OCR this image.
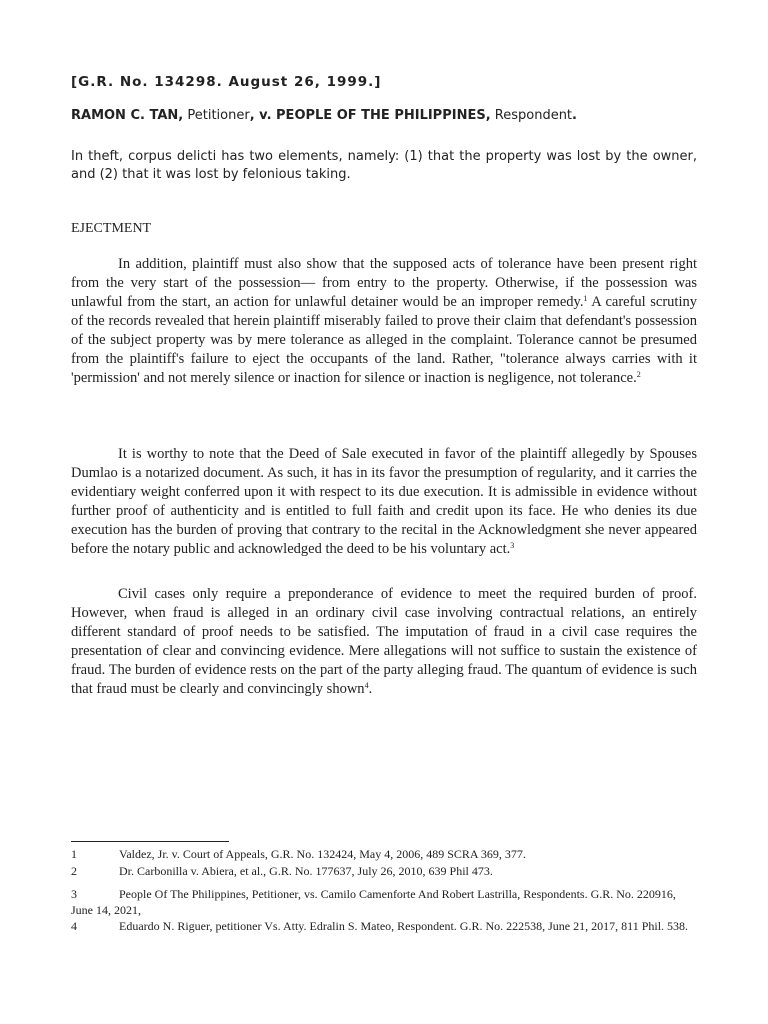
[G.R. No. 134298. August 26, 1999.]
RAMON C. TAN, Petitioner, v. PEOPLE OF THE PHILIPPINES, Respondent.
In theft, corpus delicti has two elements, namely: (1) that the property was lost by the owner, and (2) that it was lost by felonious taking.
EJECTMENT

In addition, plaintiff must also show that the supposed acts of tolerance have been present right from the very start of the possession— from entry to the property. Otherwise, if the possession was unlawful from the start, an action for unlawful detainer would be an improper remedy.$^1$ A careful scrutiny of the records revealed that herein plaintiff miserably failed to prove their claim that defendant's possession of the subject property was by mere tolerance as alleged in the complaint. Tolerance cannot be presumed from the plaintiff's failure to eject the occupants of the land. Rather, "tolerance always carries with it 'permission' and not merely silence or inaction for silence or inaction is negligence, not tolerance.$^2$

It is worthy to note that the Deed of Sale executed in favor of the plaintiff allegedly by Spouses Dumlao is a notarized document. As such, it has in its favor the presumption of regularity, and it carries the evidentiary weight conferred upon it with respect to its due execution. It is admissible in evidence without further proof of authenticity and is entitled to full faith and credit upon its face. He who denies its due execution has the burden of proving that contrary to the recital in the Acknowledgment she never appeared before the notary public and acknowledged the deed to be his voluntary act.$^3$

Civil cases only require a preponderance of evidence to meet the required burden of proof. However, when fraud is alleged in an ordinary civil case involving contractual relations, an entirely different standard of proof needs to be satisfied. The imputation of fraud in a civil case requires the presentation of clear and convincing evidence. Mere allegations will not suffice to sustain the existence of fraud. The burden of evidence rests on the part of the party alleging fraud. The quantum of evidence is such that fraud must be clearly and convincingly shown$^4$.

1	Valdez, Jr. v. Court of Appeals, G.R. No. 132424, May 4, 2006, 489 SCRA 369, 377.

2	Dr. Carbonilla v. Abiera, et al., G.R. No. 177637, July 26, 2010, 639 Phil 473.

3	People Of The Philippines, Petitioner, vs. Camilo Camenforte And Robert Lastrilla, Respondents. G.R. No. 220916, June 14, 2021,

4	Eduardo N. Riguer, petitioner Vs. Atty. Edralin S. Mateo, Respondent. G.R. No. 222538, June 21, 2017, 811 Phil. 538.
